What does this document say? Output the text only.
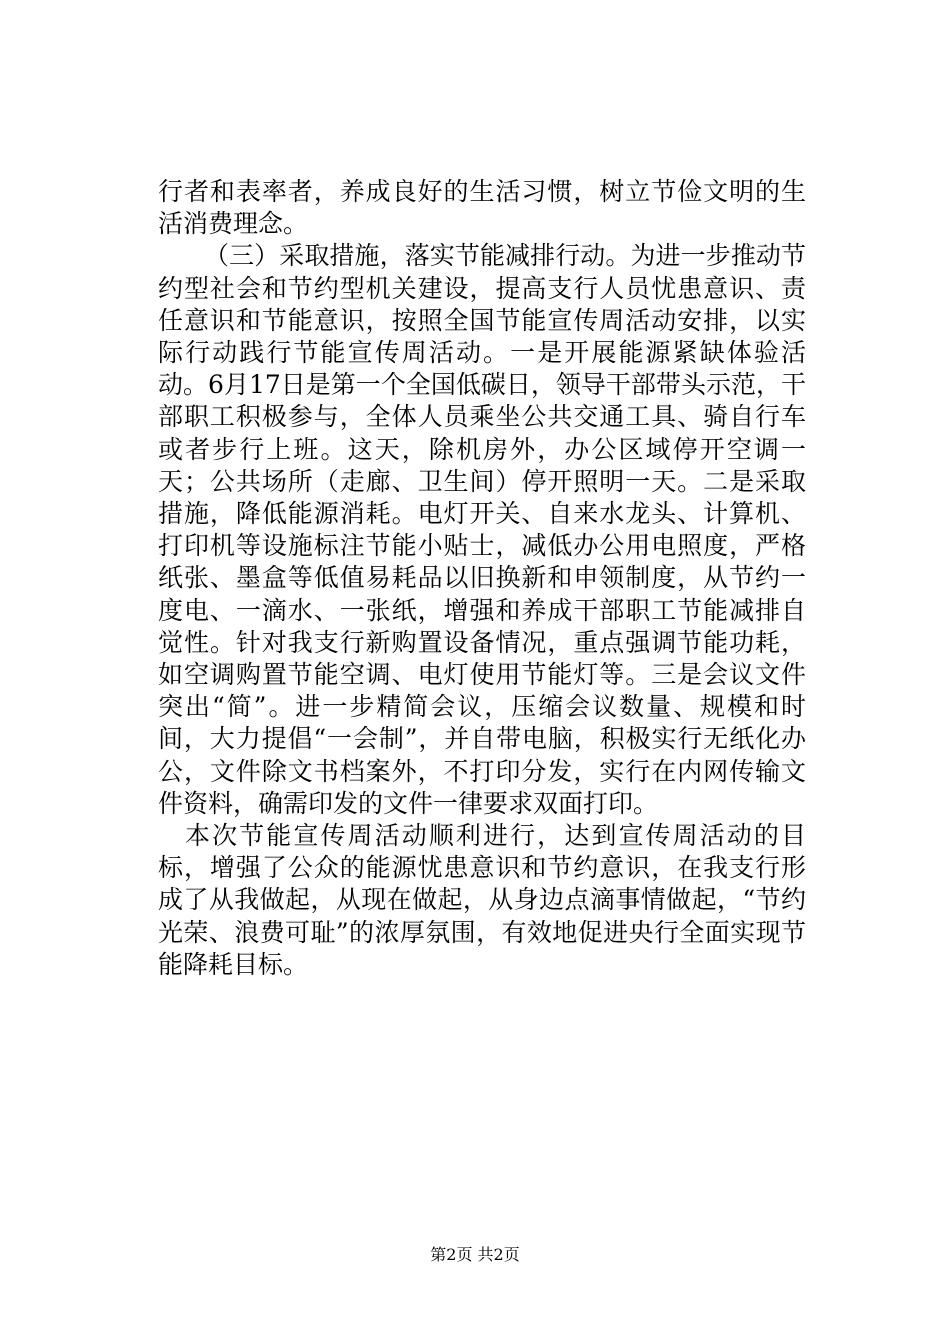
行者和表率者，养成良好的生活习惯，树立节俭文明的生活消费理念。

（三）采取措施，落实节能减排行动。为进一步推动节约型社会和节约型机关建设，提高支行人员忧患意识、责任意识和节能意识，按照全国节能宣传周活动安排，以实际行动践行节能宣传周活动。一是开展能源紧缺体验活动。6月17日是第一个全国低碳日，领导干部带头示范，干部职工积极参与，全体人员乘坐公共交通工具、骑自行车或者步行上班。这天，除机房外，办公区域停开空调一天；公共场所（走廊、卫生间）停开照明一天。二是采取措施，降低能源消耗。电灯开关、自来水龙头、计算机、打印机等设施标注节能小贴士，减低办公用电照度，严格纸张、墨盒等低值易耗品以旧换新和申领制度，从节约一度电、一滴水、一张纸，增强和养成干部职工节能减排自觉性。针对我支行新购置设备情况，重点强调节能功耗，如空调购置节能空调、电灯使用节能灯等。三是会议文件突出“简”。进一步精简会议，压缩会议数量、规模和时间，大力提倡“一会制”，并自带电脑，积极实行无纸化办公，文件除文书档案外，不打印分发，实行在内网传输文件资料，确需印发的文件一律要求双面打印。

本次节能宣传周活动顺利进行，达到宣传周活动的目标，增强了公众的能源忧患意识和节约意识，在我支行形成了从我做起，从现在做起，从身边点滴事情做起，“节约光荣、浪费可耻”的浓厚氛围，有效地促进央行全面实现节能降耗目标。

第2页 共2页
